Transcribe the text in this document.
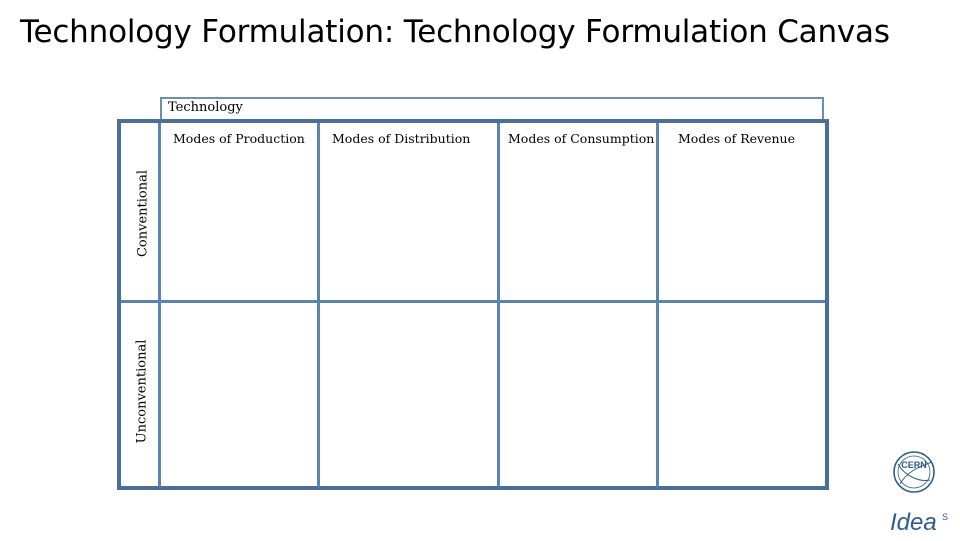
Technology Formulation: Technology Formulation Canvas
Technology
Modes of Production Modes of Distribution	Modes of Consumption Modes of Revenue
Conventional
Unconventional
CERN
Idea S
